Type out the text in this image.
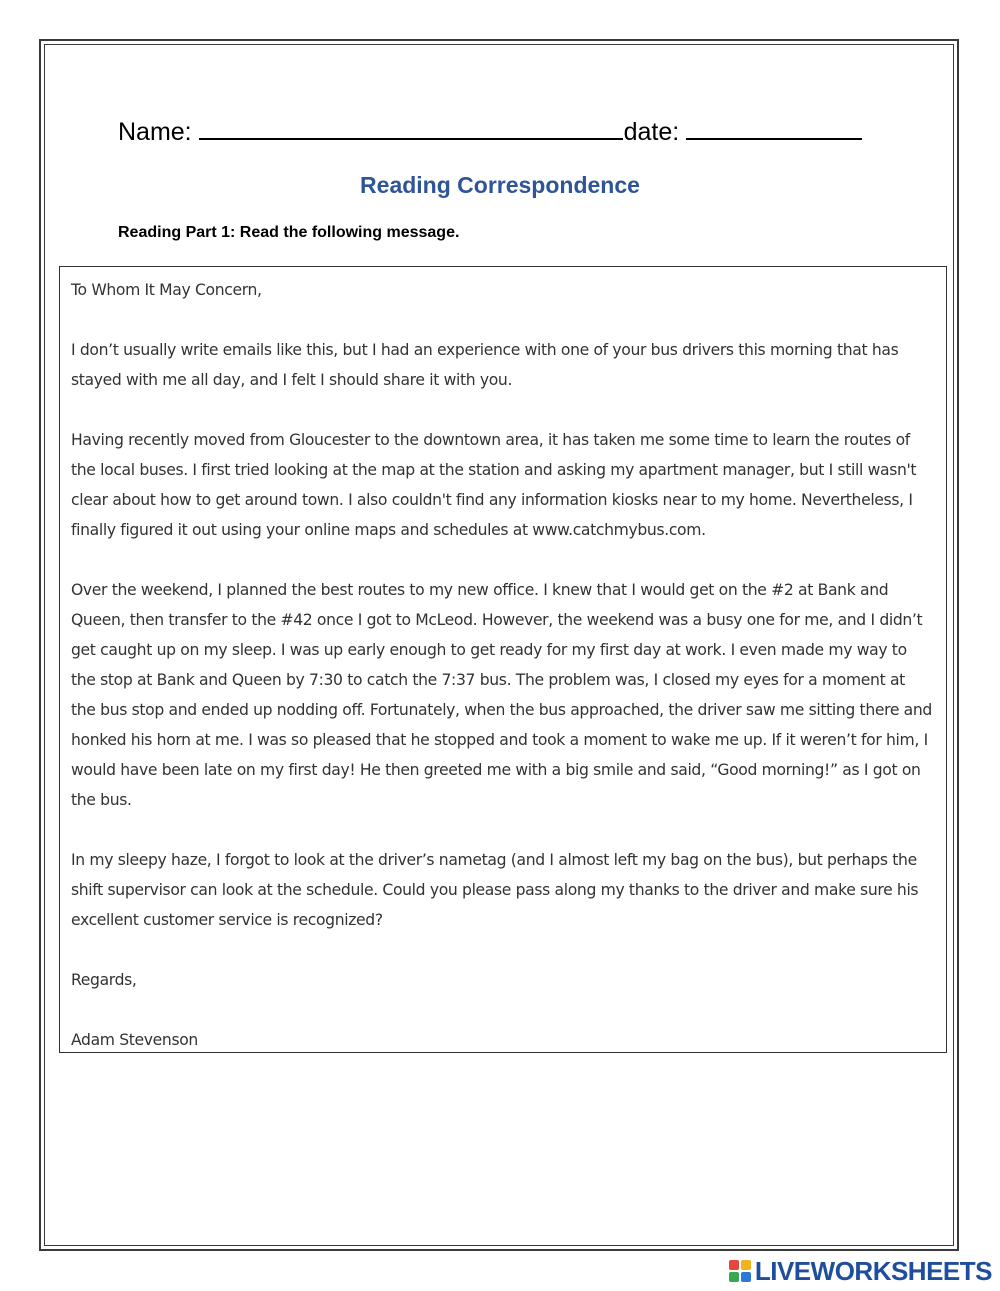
Name:	date:
Reading Correspondence
Reading Part 1: Read the following message.

To Whom It May Concern,

I don’t usually write emails like this, but I had an experience with one of your bus drivers this morning that has stayed with me all day, and I felt I should share it with you.

Having recently moved from Gloucester to the downtown area, it has taken me some time to learn the routes of the local buses. I first tried looking at the map at the station and asking my apartment manager, but I still wasn't clear about how to get around town. I also couldn't find any information kiosks near to my home. Nevertheless, I finally figured it out using your online maps and schedules at www.catchmybus.com.

Over the weekend, I planned the best routes to my new office. I knew that I would get on the #2 at Bank and Queen, then transfer to the #42 once I got to McLeod. However, the weekend was a busy one for me, and I didn’t get caught up on my sleep. I was up early enough to get ready for my first day at work. I even made my way to the stop at Bank and Queen by 7:30 to catch the 7:37 bus. The problem was, I closed my eyes for a moment at the bus stop and ended up nodding off. Fortunately, when the bus approached, the driver saw me sitting there and honked his horn at me. I was so pleased that he stopped and took a moment to wake me up. If it weren’t for him, I would have been late on my first day! He then greeted me with a big smile and said, “Good morning!” as I got on the bus.

In my sleepy haze, I forgot to look at the driver’s nametag (and I almost left my bag on the bus), but perhaps the shift supervisor can look at the schedule. Could you please pass along my thanks to the driver and make sure his excellent customer service is recognized?

Regards,

Adam Stevenson

LIVEWORKSHEETS
